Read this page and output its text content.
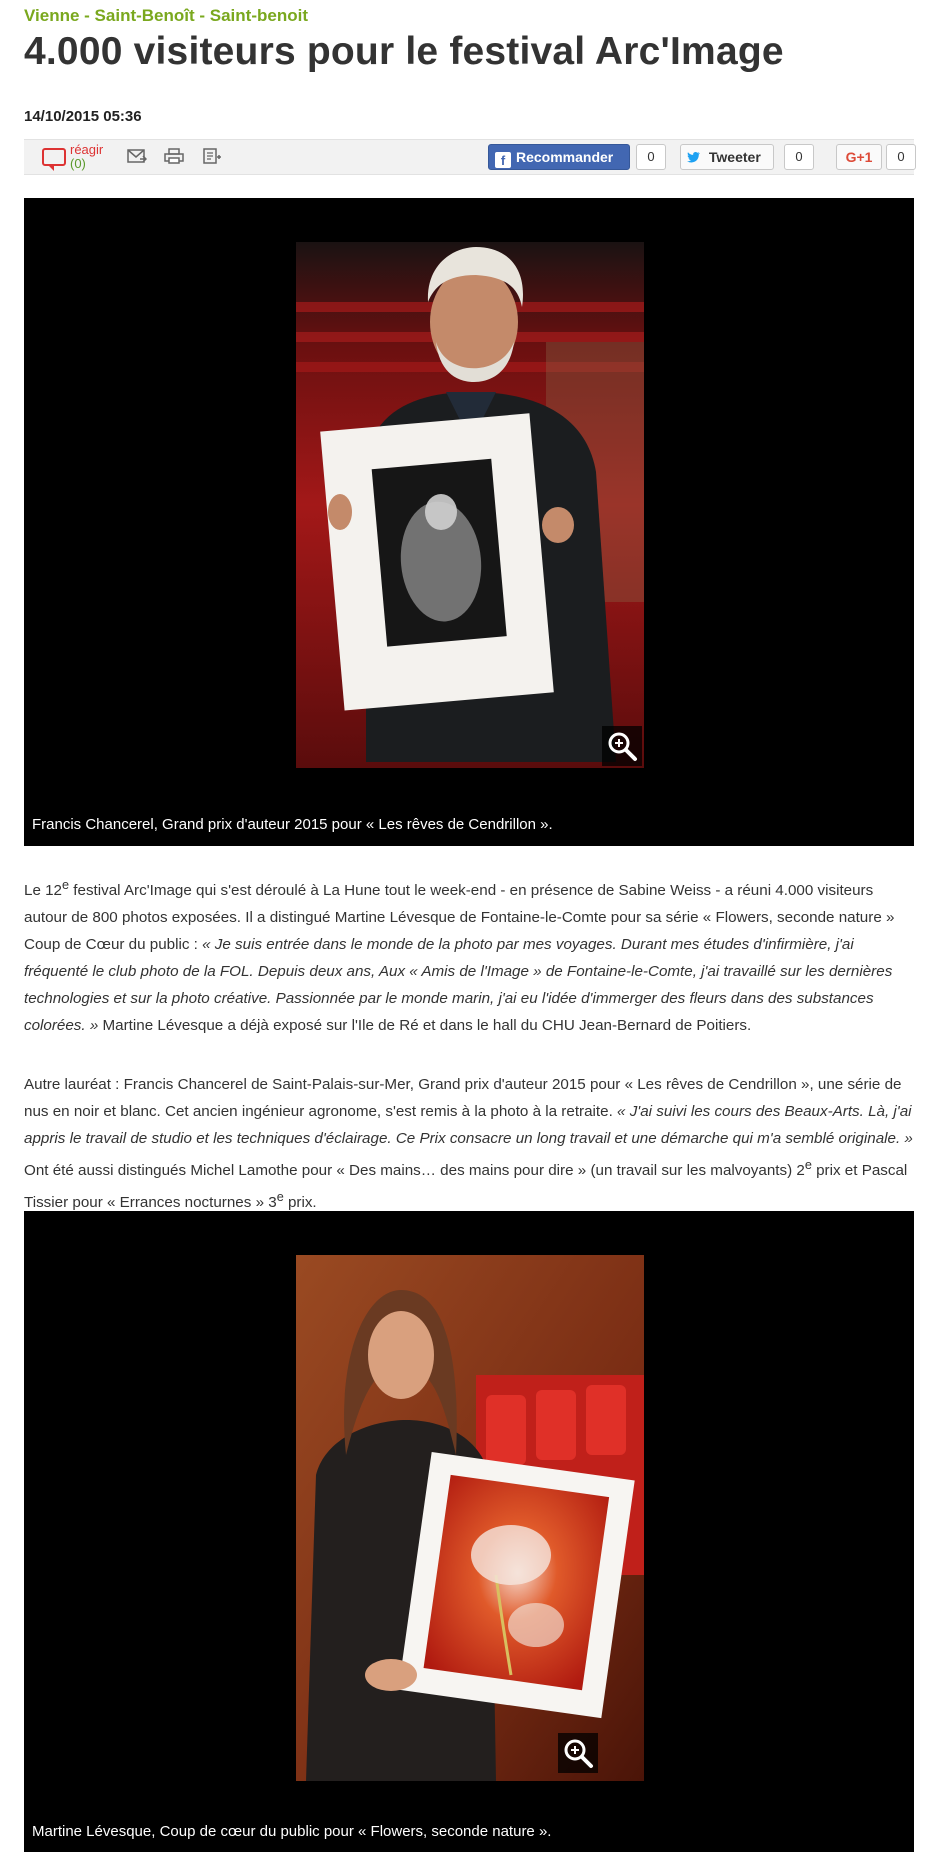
Vienne - Saint-Benoît - Saint-benoit
4.000 visiteurs pour le festival Arc'Image
14/10/2015 05:36
réagir
(0)	f Recommander	0	Tweeter	0	G+1	0
Francis Chancerel, Grand prix d'auteur 2015 pour « Les rêves de Cendrillon ».

Le 12e festival Arc'Image qui s'est déroulé à La Hune tout le week-end - en présence de Sabine Weiss - a réuni 4.000 visiteurs autour de 800 photos exposées. Il a distingué Martine Lévesque de Fontaine-le-Comte pour sa série « Flowers, seconde nature » Coup de Cœur du public : « Je suis entrée dans le monde de la photo par mes voyages. Durant mes études d'infirmière, j'ai fréquenté le club photo de la FOL. Depuis deux ans, Aux « Amis de l'Image » de Fontaine-le-Comte, j'ai travaillé sur les dernières technologies et sur la photo créative. Passionnée par le monde marin, j'ai eu l'idée d'immerger des fleurs dans des substances colorées. » Martine Lévesque a déjà exposé sur l'Ile de Ré et dans le hall du CHU Jean-Bernard de Poitiers.

Autre lauréat : Francis Chancerel de Saint-Palais-sur-Mer, Grand prix d'auteur 2015 pour « Les rêves de Cendrillon », une série de nus en noir et blanc. Cet ancien ingénieur agronome, s'est remis à la photo à la retraite. « J'ai suivi les cours des Beaux-Arts. Là, j'ai appris le travail de studio et les techniques d'éclairage. Ce Prix consacre un long travail et une démarche qui m'a semblé originale. » Ont été aussi distingués Michel Lamothe pour « Des mains… des mains pour dire » (un travail sur les malvoyants) 2e prix et Pascal Tissier pour « Errances nocturnes » 3e prix.

Martine Lévesque, Coup de cœur du public pour « Flowers, seconde nature ».
